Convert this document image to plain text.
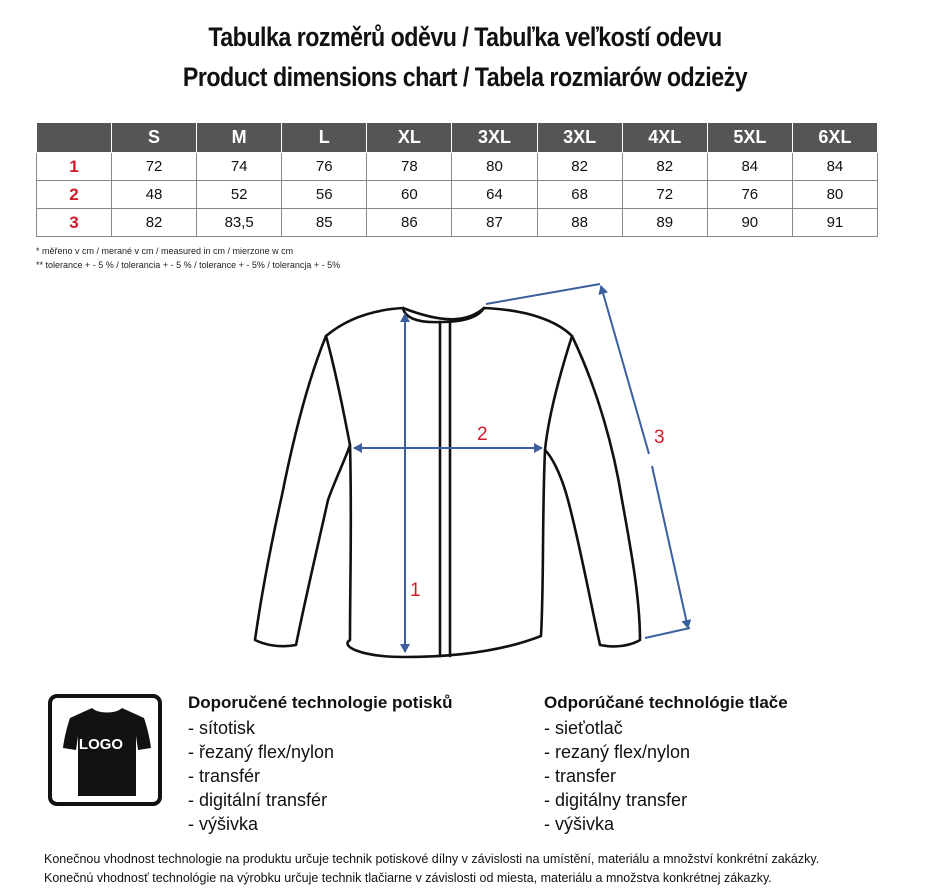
Tabulka rozměrů oděvu / Tabuľka veľkostí odevu
Product dimensions chart / Tabela rozmiarów odzieży
	S	M	L	XL	3XL	3XL	4XL	5XL	6XL
1	72	74	76	78	80	82	82	84	84
2	48	52	56	60	64	68	72	76	80
3	82	83,5	85	86	87	88	89	90	91
* měřeno v cm / merané v cm / measured in cm / mierzone w cm
** tolerance + - 5 % / tolerancia + - 5 % / tolerance + - 5% / tolerancja + - 5%
1
2	3
LOGO
Doporučené technologie potisků
- sítotisk
- řezaný flex/nylon
- transfér
- digitální transfér
- výšivka
Odporúčané technológie tlače
- sieťotlač
- rezaný flex/nylon
- transfer
- digitálny transfer
- výšivka
Konečnou vhodnost technologie na produktu určuje technik potiskové dílny v závislosti na umístění, materiálu a množství konkrétní zakázky.
Konečnú vhodnosť technológie na výrobku určuje technik tlačiarne v závislosti od miesta, materiálu a množstva konkrétnej zákazky.
